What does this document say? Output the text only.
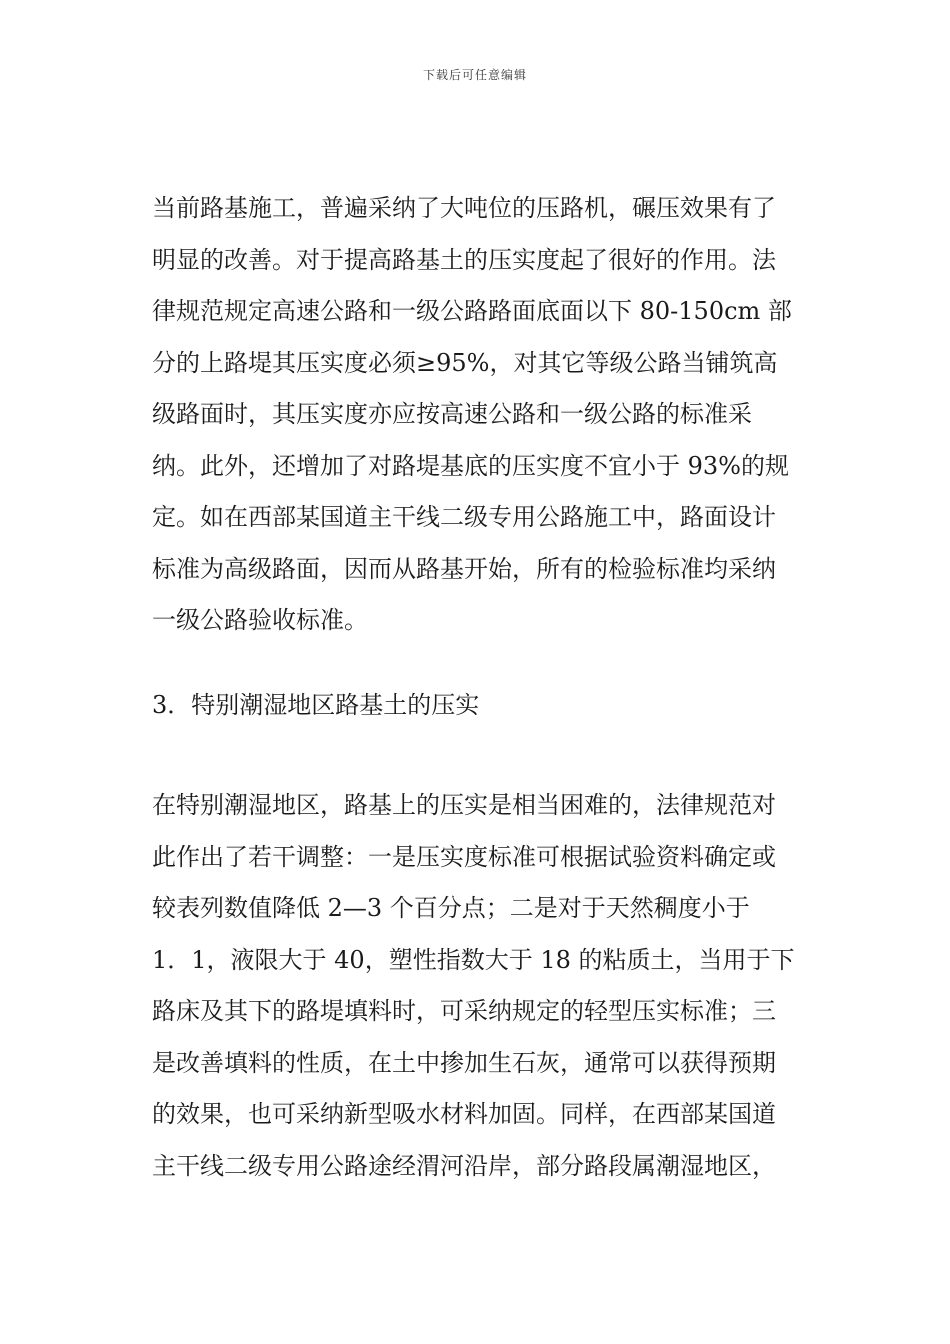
下载后可任意编辑
当前路基施工，普遍采纳了大吨位的压路机，碾压效果有了
明显的改善。对于提高路基土的压实度起了很好的作用。法
律规范规定高速公路和一级公路路面底面以下 80-150cm 部
分的上路堤其压实度必须≥95%，对其它等级公路当铺筑高
级路面时，其压实度亦应按高速公路和一级公路的标准采
纳。此外，还增加了对路堤基底的压实度不宜小于 93%的规
定。如在西部某国道主干线二级专用公路施工中，路面设计
标准为高级路面，因而从路基开始，所有的检验标准均采纳
一级公路验收标准。
3．特别潮湿地区路基土的压实
在特别潮湿地区，路基上的压实是相当困难的，法律规范对
此作出了若干调整：一是压实度标准可根据试验资料确定或
较表列数值降低 2—3 个百分点；二是对于天然稠度小于
1．1，液限大于 40，塑性指数大于 18 的粘质土，当用于下
路床及其下的路堤填料时，可采纳规定的轻型压实标准；三
是改善填料的性质，在土中掺加生石灰，通常可以获得预期
的效果，也可采纳新型吸水材料加固。同样，在西部某国道
主干线二级专用公路途经渭河沿岸，部分路段属潮湿地区，
